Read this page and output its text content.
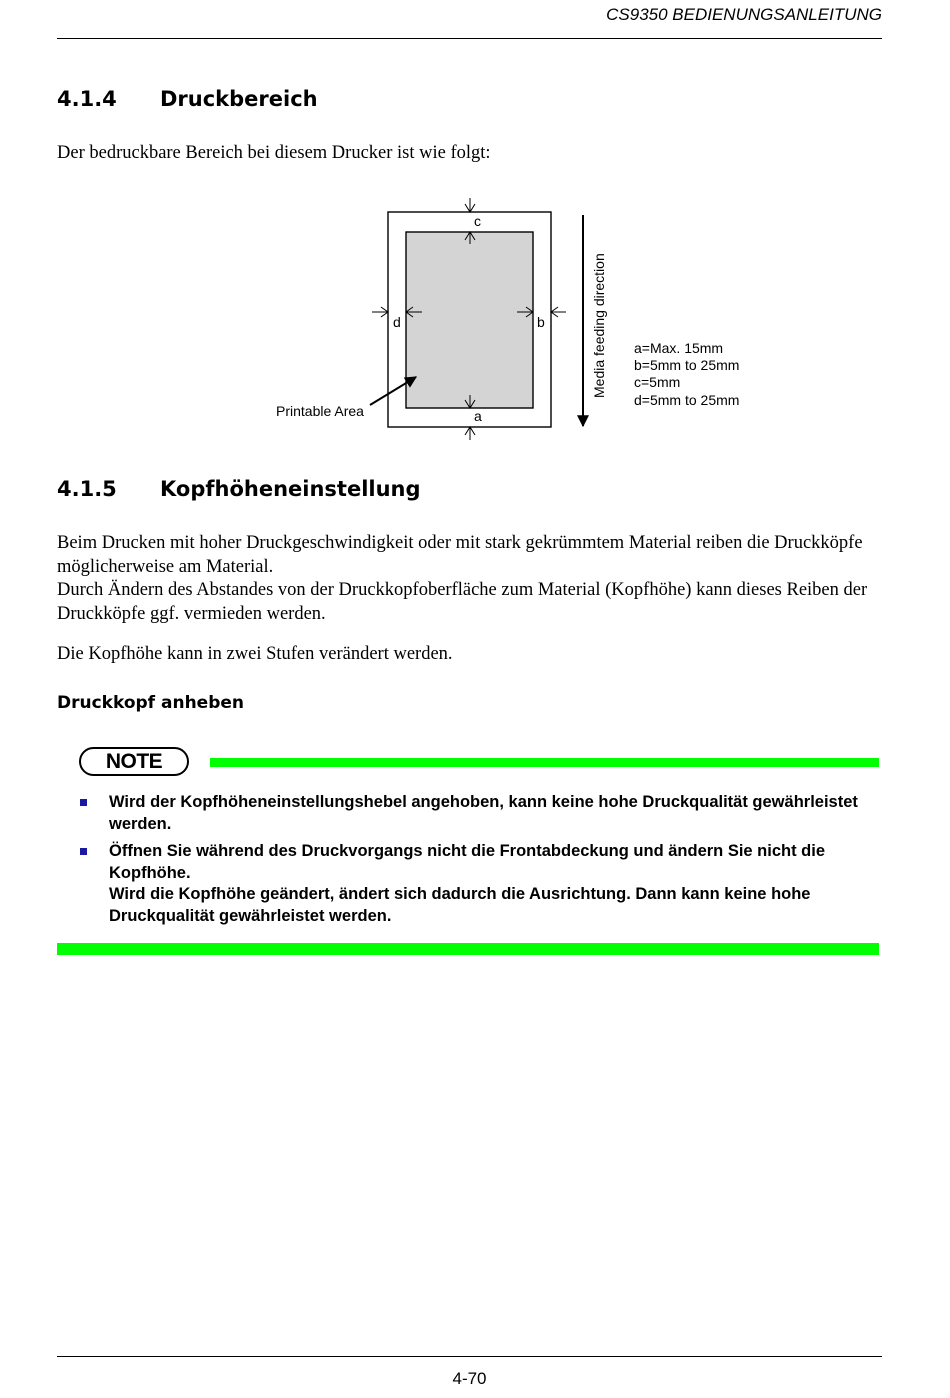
CS9350 BEDIENUNGSANLEITUNG
4.1.4 Druckbereich
Der bedruckbare Bereich bei diesem Drucker ist wie folgt:
c
a
d	b
Printable Area
Media feeding direction a=Max. 15mm
b=5mm to 25mm
c=5mm
d=5mm to 25mm
4.1.5 Kopfhöheneinstellung
Beim Drucken mit hoher Druckgeschwindigkeit oder mit stark gekrümmtem Material reiben die Druckköpfe möglicherweise am Material.
Durch Ändern des Abstandes von der Druckkopfoberfläche zum Material (Kopfhöhe) kann dieses Reiben der Druckköpfe ggf. vermieden werden.
Die Kopfhöhe kann in zwei Stufen verändert werden.
Druckkopf anheben
NOTE

Wird der Kopfhöheneinstellungshebel angehoben, kann keine hohe Druckqualität gewährleistet werden.

Öffnen Sie während des Druckvorgangs nicht die Frontabdeckung und ändern Sie nicht die Kopfhöhe.

Wird die Kopfhöhe geändert, ändert sich dadurch die Ausrichtung. Dann kann keine hohe Druckqualität gewährleistet werden.

4-70
